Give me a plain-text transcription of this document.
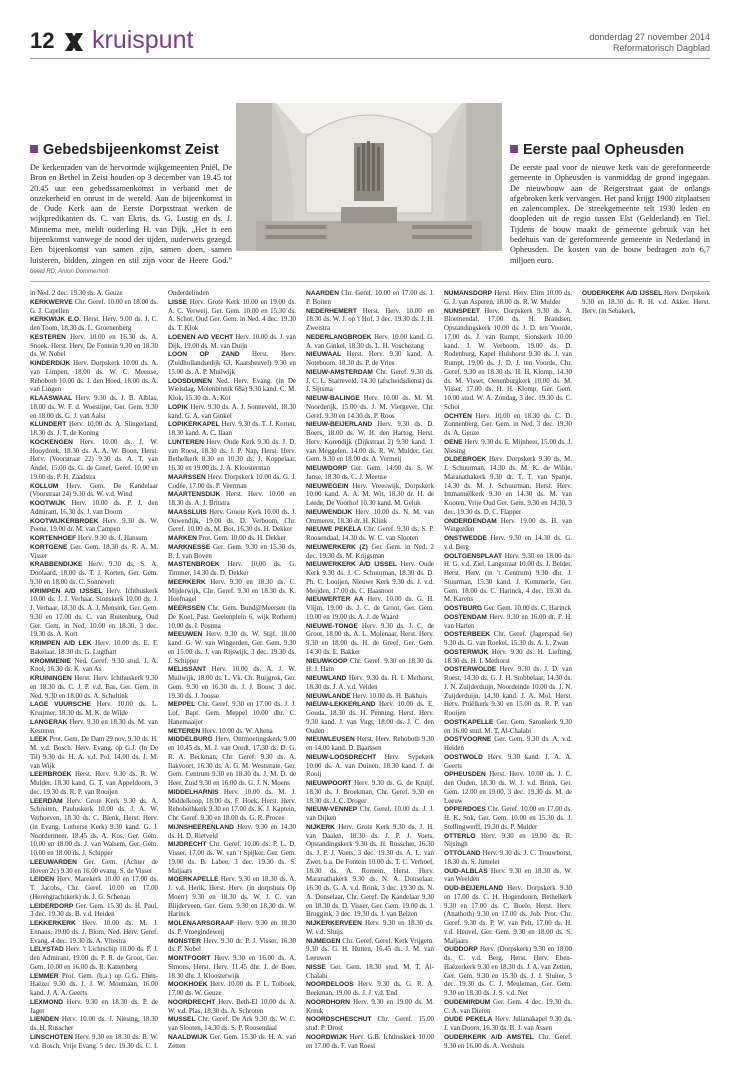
12 kruispunt	donderdag 27 november 2014
Reformatorisch Dagblad
Gebedsbijeenkomst Zeist
De kerkenraden van de hervormde wijkgemeenten Pniël, De Bron en Bethel in Zeist houden op 3 december van 19.45 tot 20.45 uur een gebedssamenkomst in verband met de onzekerheid en onrust in de wereld. Aan de bijeenkomst in de Oude Kerk aan de Eerste Dorpsstraat werken de wijkpredikanten ds. C. van Ekris, ds. G. Lustig en ds. J. Minnema mee, meldt ouderling H. van Dijk. „Het is een bijeenkomst vanwege de nood der tijden, ouderwets gezegd. Een bijeenkomst van samen zijn, samen doen, samen luisteren, bidden, zingen en stil zijn voor de Heere God.” beeld RD, Anton Dommerholt
Eerste paal Opheusden
De eerste paal voor de nieuwe kerk van de gereformeerde gemeente in Opheusden is vanmiddag de grond ingegaan. De nieuwbouw aan de Reigerstraat gaat de onlangs afgebroken kerk vervangen. Het pand krijgt 1900 zitplaatsen en zalencomplex. De streekgemeente telt 1930 leden en doopleden uit de regio tussen Elst (Gelderland) en Tiel. Tijdens de bouw maakt de gemeente gebruik van het bedehuis van de gereformeerde gemeente in Nederland in Opheusden. De kosten van de bouw bedragen zo'n 6,7 miljoen euro.

in Ned. 2 dec. 19.30 ds. A. Geuze

KERKWERVE Chr. Geref. 10.00 en 18.00 ds. G. J. Capellen

KERKWIJK E.O. Herst. Herv. 9.00 ds. J. C. den Toom, 18.30 ds. L. Groenenberg

KESTEREN Herv. 10.00 en 16.30 ds. A. Snoek. Herst. Herv. De Fontein 9.30 en 18.30 ds. W. Nobel

KINDERDIJK Herv. Dorpskerk 10.00 ds. A. van Limpen, 18.00 ds. W. C. Meeuse, Rehoboth 10.00 ds. J. den Hoed, 18.00 ds. A. van Lingen

KLAASWAAL Herv. 9.30 ds. J. B. Alblas, 18.00 ds. W. F. d. Woestijne, Ger. Gem. 9.30 en 18.00 ds. G. J. van Aalst

KLUNDERT Herv. 10.00 ds. A. Slingerland, 18.30 ds. J. T. de Koning

KOCKENGEN Herv. 10.00 ds. J. W. Hooydonk, 18.30 ds. A. A. W. Boon, Herst. Herv. (Voorstraat 22) 9.30 ds. A. T. van Andel, 15.00 ds. G. de Greef, Geref. 10.00 en 19.00 ds. P. H. Zaadstra

KOLLUM Herv. Gem. De Kandelaar (Voorstraat 24) 9.30 ds. W. v.d. Wind

KOOTWIJK Herv. 10.00 ds. P. J. den Admirant, 16.30 ds. J. van Doorn

KOOTWIJKERBROEK Herv. 9.30 ds. W. Peene, 19.00 dr. M. van Campen

KORTENHOEF Herv. 9.30 ds. J. Hansum

KORTGENE Ger. Gem. 18.30 ds. R. A. M. Visser

KRABBENDIJKE Herv. 9.30 ds. S. A. Doolaard, 18.00 ds. T. J. Korten, Ger. Gem. 9.30 en 18.00 ds. C. Sonnevelt

KRIMPEN A/D IJSSEL Herv. Ichthuskerk 10.00 ds. J. J. Verhaar, Sionskerk 10.00 ds. J. J. Verhaar, 18.30 ds. A. J. Mensink, Ger. Gem. 9.30 en 17.00 ds. C. van Ruitenburg, Oud Ger. Gem. in Ned. 10.00 en 18.30, 3 dec. 19.30 ds. A. Kort

KRIMPEN A/D LEK Herv. 10.00 ds. E. F. Bakelaar, 18.30 ds. G. Lugthart

KROMMENIE Ned. Geref. 9.30 stud. J. A. Knol, 16.30 ds. K. van As

KRUININGEN Herst. Herv. Ichthuskerk 9.30 en 18.30 ds. C. J. P. v.d. Bas, Ger. Gem. in Ned. 9.30 en 18.00 ds. A. Schultink

LAGE VUURSCHE Herv. 10.00 ds. L. Kruijmer, 18.30 ds. M. K. de Wilde

LANGERAK Herv. 9.30 en 18.30 ds. M. van Kesteren

LEEK Prot. Gem. De Dam 29 nov. 9.30 ds. H. M. v.d. Bosch. Herv. Evang. op G.J. (In De Til) 9.30 ds. H. A. v.d. Pol, 14.00 ds. J. M. van Wijk

LEERBROEK Herst. Herv. 9.30 ds. R. W. Mulder, 18.30 kand. G. T. van Appeldoorn, 3 dec. 19.30 ds. R. P. van Rooijen

LEERDAM Herv. Grote Kerk 9.30 ds. A. Schreiten, Pauluskerk 10.00 ds. J. A. W. Verhoeven, 18.30 ds. C. Blenk, Herst. Herv. (in Evang. Lutherse Kerk) 9.30 kand. G. J. Noordermeer, 18.45 ds. A. Kos, Ger. Gem. 10.00 en 18.00 ds. J. van Walsem, Ger. Gem. 10.00 en 18.00 ds. J. Schipper

LEEUWARDEN Ger. Gem. (Achter de Hoven 2c) 9.30 en 16.00 evang. S. de Visser

LEIDEN Herv. Marekerk 10.00 en 17.00 ds. T. Jacobs, Chr. Geref. 10.00 en 17.00 (Herengrachtkerk) ds. J. G. Schenau

LEIDERDORP Ger. Gem. 15.30 ds. H. Paul, 3 dec. 19.30 ds. B. v.d. Heiden

LEKKERKERK Herv. 10.00 ds. M. J. Ennaus, 19.00 ds. J. Blom, Ned. Herv. Geref. Evang. 4 dec. 19.30 ds. A. Vliestra

LELYSTAD Herv. 't Lichtschip 10.00 ds. P. J. den Admirant, 19.00 ds. P. R. de Groot, Ger. Gem. 10.00 en 16.00 ds. R. Kattenberg

LEMMER Prot. Gem. (b.a.) op G.G. Eben-Haëzer 9.30 ds. J. J. W. Moutnaan, 16.00 kand. J. A. A. Geerts

LEXMOND Herv. 9.30 en 18.30 ds. P. de Jager

LIENDEN Herv. 10.00 ds. J. Niesing, 18.30 ds. H. Russcher

LINSCHOTEN Herv. 9.30 en 18.30 ds. B. W. v.d. Bosch, Vrije Evang. 5 dec. 19.30 ds. C. I. Onderdelinden

LISSE Herv. Grote Kerk 10.00 en 19.00 ds. A. C. Verweij. Ger. Gem. 10.00 en 15.30 ds. A. Schot, Oud Ger. Gem. in Ned. 4 dec. 19.30 ds. T. Klok

LOENEN A/D VECHT Herv. 10.00 ds. J. van Dijk, 19.00 ds. M. van Duijn

LOON OP ZAND Herst. Herv. (Zuidhollandsedijk 63, Kaatsheuvel) 9.30 en 15.00 ds. A. P. Muilwijk

LOOSDUINEN Ned. Herv. Evang. (in De Wielsdag, Molenbinnik 68a) 9.30 kand. C. M. Klok, 15.30 ds. A. Kot

LOPIK Herv. 9.30 ds. A. J. Sonneveld, 18.30 kand. G. A. van Ginkel

LOPIKERKAPEL Herv. 9.30 ds. T. J. Korten, 18.30 kand. A. C. Ilaan

LUNTEREN Herv. Oude Kerk 9.30 ds. J. D. van Roest, 18.30 ds. J. P. Nap, Herst. Herv. Bethelkerk 8.30 en 10.30 ds. J. Koppelaar, 16.30 en 19.00 ds. J. A. Kloosterman

MAARSSEN Herv. Dorpskerk 10.00 ds. G. J. Codée, 17.00 ds. P. Veerman

MAARTENSDIJK Herst. Herv. 10.00 en 18.30 ds. A. J. Britstra

MAASSLUIS Herv. Groote Kerk 10.00 ds. J. Ouwendijk, 19.00 ds. D. Verboom, Chr. Geref. 10.00 ds. M. Bot, 16.30 ds. H. Dekker

MARKEN Prot. Gem. 10.00 ds. H. Dekker

MARKNESSE Ger. Gem. 9.30 en 15.30 ds. B. J. van Boven

MASTENBROEK Herv. 10.00 ds. G. Timmer, 14.30 ds. D. Dekker

MEERKERK Herv. 9.30 en 18.30 ds. C. Mijderwijk, Chr. Geref. 9.30 en 18.30 ds. K. Hoefnagel

MEERSSEN Chr. Gem. Bund@Meersen (in De Koel, Past. Geelenplein 6, wijk Rothem) 10.00 ds. I. Postma

MEEUWEN Herv. 9.30 ds. W. Stijf, 18.00 kand. G. W. van Wingerden, Ger. Gem. 9.30 en 15.00 ds. J. van Rijswijk, 3 dec. 19.30 ds. J. Schipper

MELISSANT Herv. 10.00 ds. A. J. W. Muilwijk, 18.00 ds. L. Vk. Ch. Ruijgrok, Ger. Gem. 9.30 en 16.30 ds. J. J. Bouw, 3 dec. 19.30 ds. J. Joosse

MEPPEL Chr. Geref. 9.30 en 17.00 ds. J. J. Lof, Bapt. Gem. Meppel 10.00 dhr. C. Hanemaaijer

METEREN Herv. 10.00 ds. W. Altena

MIDDELBURG Herv. Ontmoetingskerk 9.00 en 10.45 ds. M. J. van Oordt, 17.30 ds. D. G. R. A. Beckman, Chr. Geref. 9.30 ds. A. Ilakvoort, 16.30 ds. A. G. M. Weststrate, Ger. Gem. Centrum 9.30 en 18.30 ds. J. M. D. de Heer, Zuid 9.30 en 16.00 ds. G. J. N. Moens

MIDDELHARNIS Herv. 10.00 ds. M. J. Middelkoop, 18.00 ds. F. Hoek, Herst. Herv. Rehobothkerk 9.30 en 17.00 ds. K. J. Kaptein, Chr. Geref. 9.30 en 18.00 ds. G. R. Procee

MIJNSHEERENLAND Herv. 9.30 en 14.30 ds. H. D. Rietveld

MIJDRECHT Chr. Geref. 10.00 ds. P. L. D. Visser, 17.00 ds. W. van 't Spijker, Ger. Gem. 19.00 ds. B. Labee, 3 dec. 19.30 ds. S. Maljaars

MOERKAPELLE Herv. 9.30 en 18.30 ds. A. J. v.d. Herik, Herst. Herv. (in dorpshuis Op Moerr) 9.30 en 18.30 ds. W. J. C. van Blijderveen, Ger. Gem. 9.30 en 18.30 ds. W. Harinck

MOLENAARSGRAAF Herv. 9.30 en 18.30 ds. P. Vroegindeweij

MONSTER Herv. 9.30 dr. P. J. Visser, 16.30 ds. P. Nobel

MONTFOORT Herv. 9.30 en 16.00 ds. A. Simons, Herst. Herv. 11.45 dhr. J. de Boer, 18.30 dhr. J. Kloosterwijk

MOOKHOEK Herv. 10.00 ds. P. L. Tolboek, 17.00 ds. W. Geuze

NOORDRECHT Herv. Beth-El 10.00 ds. A. W. v.d. Plas, 18.30 ds. A. Schroten

MUSSEL Chr. Geref. De Ark 9.30 ds. W. C. van Slooten, 14.30 ds. S. P. Roosendaal

NAALDWIJK Ger. Gem. 15.30 ds. H. A. van Zetten

NAARDEN Chr. Geref. 10.00 en 17.00 ds. J. P. Boiten

NEDERHEMERT Herst. Herv. 10.00 en 18.30 ds. W. J. op 't Hof, 3 dec. 19.30 ds. J. H. Zweistra

NEDERLANGBROEK Herv. 10.00 kand. G. A. van Ginkel, 18.30 ds. L. H. Voschezang

NIEUWAAL Herst. Herv. 9.30 kand. A. Noteboom, 18.30 ds. P. de Vries

NIEUW-AMSTERDAM Chr. Geref. 9.30 ds. J. C. L. Starreveld, 14.30 (afscheidsdienst) ds. J. Sijtsma

NIEUW-BALINGE Herv. 10.00 ds. M. M. Noorderijk, 15.00 ds. J. M. Viergever, Chr. Geref. 9.30 en 14.30 ds. P. Roos

NIEUW-BEIJERLAND Herv. 9.30 ds. D. Boers, 18.00 ds. W. H. den Hartog, Herst. Herv. Korendijk (Dijkstraat 2) 9.30 kand. J. van Meggelen, 14.00 ds. R. W. Mulder, Ger. Gem. 9.30 en 18.00 ds. A. Vermeij

NIEUWDORP Ger. Gem. 14.00 ds. S. W. Janse, 18.30 ds. C. J. Meeuse

NIEUWEGEIN Herv. Vreeswijk, Dorpskerk 10.00 kand. A. A. M. Wit, 18.30 dr. H. de Leede, De Voorhof 10.30 kand. M. Geluk

NIEUWENDIJK Herv. 10.00 ds. N. M. van Ommeren, 18.30 dr. H. Klink

NIEUWE PEKELA Chr. Geref. 9.30 ds. S. P. Roosendaal, 14.30 ds. W. C. van Slooten

NIEUWERKERK (Z) Ger. Gem. in Ned. 2 dec. 19.30 ds. M. Krijgsman

NIEUWERKERK A/D IJSSEL Herv. Oude Kerk 9.30 ds. J. C. Schuurman, 18.30 ds. D. Ph. C. Looijen, Nieuwe Kerk 9.30 ds. J. v.d. Meijden, 17.00 ds. C. Haasnoot

NIEUWERTER AA Herv. 10.00 ds. G. H. Vlijm, 19.00 ds. J. C. de Groot, Ger. Gem. 10.00 en 19.00 ds. A. J. de Waard

NIEUWE-TONGE Herv. 9.30 ds. J. C. de Groot, 18.00 ds. A. L. Molenaar, Herst. Herv. 9.30 en 18.00 ds. H. de Greef, Ger. Gem. 14.30 ds. E. Bakker

NIEUWKOOP Chr. Geref. 9.30 en 18.30 ds. H. J. Ham

NIEUWLAND Herv. 9.30 ds. H. I. Methorst, 18.30 ds. J. A. v.d. Velden

NIEUWLANDE Herv. 10.00 ds. H. Bakhuis

NIEUW-LEKKERLAND Herv. 10.00 ds. E. Gouda, 18.30 ds. H. Penning, Herst. Herv. 9.30 kand. J. van Vugt, 18.00 ds. J. C. den Ouden

NIEUWLEUSEN Herst. Herv. Rehoboth 9.30 en 14.00 kand. D. Baarssen

NIEUW-LOOSDRECHT Herv. Sypekerk 10.00 ds. A. van Duinen, 18.30 kand. J. de Rooij

NIEUWPOORT Herv. 9.30 ds. G. de Kruijf, 18.30 ds. J. Broekman, Chr. Geref. 9.30 en 18.30 ds. J. C. Droger

NIEUW-VENNEP Chr. Geref. 10.00 ds. J. J. van Dijken

NIJKERK Herv. Grote Kerk 9.30 ds. J. H. van Daalen, 18.30 ds. J. P. J. Voets, Opstandingskerk 9.30 ds. H. Russcher, 16.30 ds. J. P. J. Voets, 3 dec. 19.30 ds. A. L. van Zwet, b.a. De Fontein 10.00 ds. T. C. Verhoef, 18.30 ds. A. Romein, Herst. Herv. Maranathakerk 9.30 ds. N. A. Donselaar, 16.30 ds. G. A. v.d. Brink, 3 dec. 19.30 ds. N. A. Donselaar, Chr. Geref. De Kandelaar 9.30 en 18.30 ds. D. Visser, Ger. Gem. 19.00 ds. J. Bruggink, 3 dec. 19.30 ds. J. van Belzen

NIJKERKERVEEN Herv. 9.30 en 18.30 ds. W. v.d. Sluijs

NIJMEGEN Chr. Geref. Geref. Kerk Vrijgem. 9.30 ds. G. H. Hutten, 16.45 ds. J. M. van Leeuwen

NISSE Ger. Gem. 18.30 stud. M. T. Al-Chalabi

NOORDELOOS Herv. 9.30 ds. G. R. A. Beekman, 19.00 ds. J. J. v.d. End

NOORDHORN Herv. 9.30 en 19.00 ds. M. Kreuk

NOORDSCHESCHUT Chr. Geref. 15.00 stud. P. Drost

NOORDWIJK Herv. G.B. Ichthuskerk 10.00 en 17.00 ds. F. van Roest

NUMANSDORP Herst. Herv. Elim 10.00 ds. G. J. van Asperen, 18.00 ds. R. W. Mulder

NUNSPEET Herv. Dorpskerk 9.30 ds. A. Bloemendal, 17.00 ds. H. Brandsen, Opstandingskerk 10.00 ds. J. D. ten Voorde, 17.00 ds. J. van Rumpt, Sionskerk 10.00 kand. J. W. Verboom, 19.00 ds. D. Rodenburg, Kapel Hulshorst 9.30 ds. J. van Rumpt, 19.00 ds. J. D. J. ten Voorde, Chr. Geref. 9.30 en 18.30 ds. H. H. Klomp, 14.30 ds. M. Visser, Oenenburgkerk 10.00 ds. M. Visser, 17.00 ds. H. H. Klomp, Ger. Gem. 10.00 stud. W. A. Zondag, 3 dec. 19.30 ds. C. Schot

OCHTEN Herv. 10.00 en 18.30 ds. C. D. Zonnenberg, Ger. Gem. in Ned. 3 dec. 19.30 ds. A. Geuze

OENE Herv. 9.30 ds. E. Mijnheer, 15.00 ds. J. Niesing

OLDEBROEK Herv. Dorpskerk 9.30 ds. M. J. Schuurman, 14.30 ds. M. K. de Wilde, Maranathakerk 9.30 dr. T. T. van Spanje, 14.30 ds. M. J. Schuurman, Herst. Herv. Immanuëlkerk 9.30 en 14.30 ds. M. van Kooten, Vrije Oud Ger. Gem. 9.30 en 14.30, 3 dec. 19.30 ds. D. C. Flapper

ONDERDENDAM Herv. 19.00 ds. H. van Wingerden

ONSTWEDDE Herv. 9.30 en 14.30 ds. G. v.d. Berg

OOLTGENSPLAAT Herv. 9.30 en 18.00 ds. H. G. v.d. Ziel, Langstraat 10.00 ds. J. Belder, Herst. Herv. (in 't Centrum) 9.30 dhr. J. Stuurman, 15.30 kand. J. Kommerie, Ger. Gem. 18.00 ds. C. Harinck, 4 dec. 19.30 ds. M. Karens

OOSTBURG Ger. Gem. 10.00 ds. C. Harinck

OOSTENDAM Herv. 9.30 en 16.00 dr. P. H. van Harten

OOSTERBEEK Chr. Geref. (Jagerspad 6e) 9.30 ds. G. van Roekel, 15.30 ds. A. L. Zwan

OOSTERWIJK Herv. 9.30 ds. H. Liefting, 18.30 ds. H. I. Methorst

OOSTERWOLDE Herv. 9.30 ds. J. D. van Roest, 14.30 ds. G. J. H. Stobbelaar, 14.30 ds. J. N. Zuijderduijn, Noordeinde 10.00 ds. J. N. Zuijderduijn, 14.30 kand. J. A. Mol, Herst. Herv. Pniëlkerk 9.30 en 15.00 ds. R. P. van Rooijen

OOSTKAPELLE Ger. Gem. Saronkerk 9.30 en 16.00 stud. M. T. Al-Chalabi

OOSTVOORNE Ger. Gem. 9.30 ds. A. v.d. Heiden

OOSTWOLD Herv. 9.30 kand. J. A. A. Geerts

OPHEUSDEN Herst. Herv. 10.00 ds. J. C. den Ouden, 18.30 ds. W. J. v.d. Brink, Ger. Gem. 12.00 en 19.00, 3 dec. 19.30 ds. M. de Leeuw

OPPERDOES Chr. Geref. 10.00 en 17.00 ds. H. K. Sok, Ger. Gem. 10.00 en 15.30 ds. J. Stellingwerff, 19.30 ds. P. Mulder

OTTERLO Herv. 9.30 en 19.00 ds. R. Nijsingh

OTTOLAND Herv. 9.30 ds. J. C. Trouwborst, 18.30 ds. S. Jumelet

OUD-ALBLAS Herv. 9.30 en 18.30 ds. W. van Weelden

OUD-BEIJERLAND Herv. Dorpskerk 9.30 en 17.00 ds. C. H. Hogendoorn, Bethelkerk 9.30 en 17.00 ds. C. Boele, Herst. Herv. (Anathoth) 9.30 en 17.00 ds. Job. Prot. Chr. Geref. 9.30 ds. P. W. van Pelt, 17.00 ds. H. v.d. Heuvel, Ger. Gem. 9.30 en 18.00 ds. S. Maljaars

OUDDORP Herv. (Dorpskerk) 9.30 en 18.00 ds. C. v.d. Berg, Herst. Herv. Eben-Haëzerkerk 9.30 en 18.30 ds. J. A. van Zetten, Ger. Gem. 9.30 en 15.30 ds. J. J. Sluiter, 3 dec. 19.30 ds. C. J. Meuleman, Ger. Gem. 9.30 en 18.30 ds. J. S. v.d. Net

OUDEMIRDUM Ger. Gem. 4 dec. 19.30 ds. C. A. van Dieren

OUDE PEKELA Herv. Julianakapel 9.30 ds. J. van Doorn, 16.30 ds. B. J. van Assen

OUDERKERK A/D AMSTEL Chr. Geref. 9.30 en 16.00 ds. A. Vershuis

OUDERKERK A/D IJSSEL Herv. Dorpskerk 9.30 en 18.30 ds. R. H. v.d. Akker. Herst. Herv. (in Sebakerk,
